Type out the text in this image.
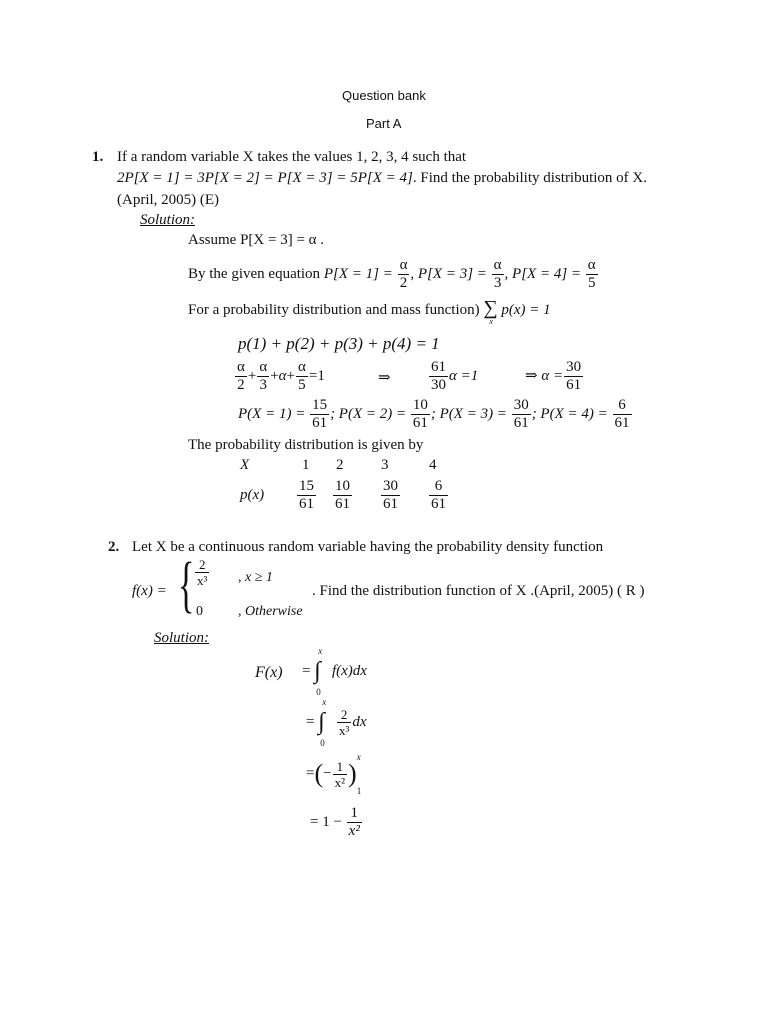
Question bank
Part A
1. If a random variable X takes the values 1, 2, 3, 4 such that
2P[X = 1] = 3P[X = 2] = P[X = 3] = 5P[X = 4]. Find the probability distribution of X.
(April, 2005) (E)
Solution:
Assume P[X = 3] = α .
By the given equation $P[X = 1] = \frac{\alpha}{2}$ , $P[X = 3] = \frac{\alpha}{3}$ , $P[X = 4] = \frac{\alpha}{5}$
For a probability distribution and mass function) ∑
x
p(x) = 1
p(1) + p(2) + p(3) + p(4) = 1
$\frac{\alpha}{2} + \frac{\alpha}{3} +\alpha+ \frac{\alpha}{5} =1$	⇒	$\frac{61}{30}$ α =1	⇒ $\alpha = \frac{30}{61}$
$P(X = 1) = \frac{15}{61}$ ; $P(X = 2) = \frac{10}{61}$ ; $P(X = 3) = \frac{30}{61}$ ; $P(X = 4) = \frac{6}{61}$
The probability distribution is given by
X	1 2	3	4
$p(x) \frac{15}{61} \frac{10}{61} \frac{30}{61} \frac{6}{61}$
2. Let X be a continuous random variable having the probability density function
f(x) = { $\frac{2}{\text{x³}}$ , x ≥ 1
0	, Otherwise
. Find the distribution function of X .(April, 2005) ( R )
Solution:
F(x) = ∫
x
0
f(x)dx
= ∫
x
0

$\frac{2}{\text{x³}}$ dx
=(− $\frac{1}{\text{x²}}$ )
x
1
= $1 - \frac{1}{\text{x²}}$
